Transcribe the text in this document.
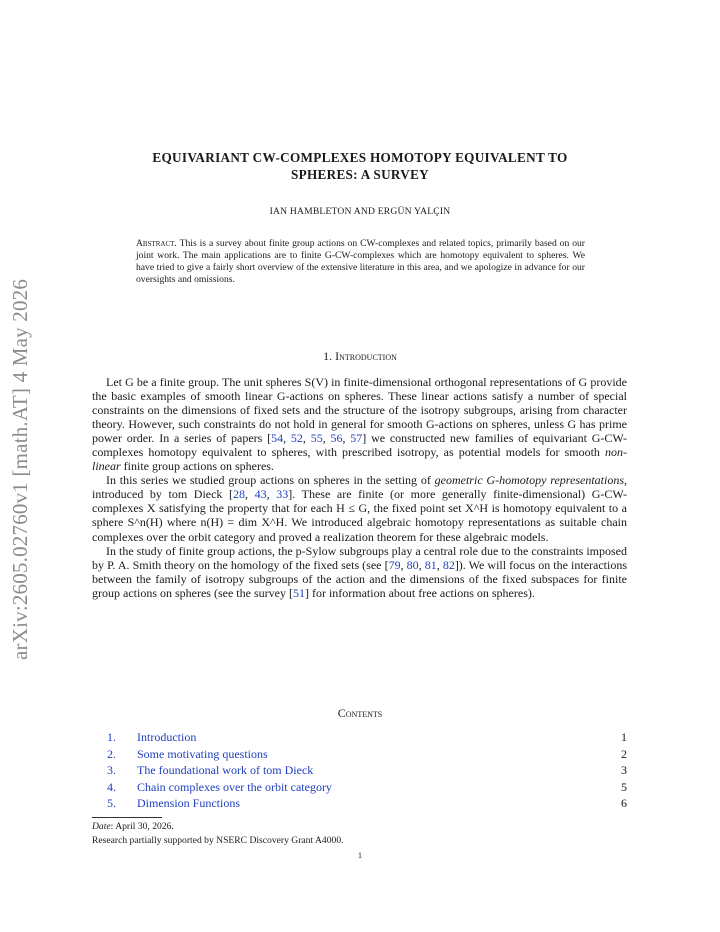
arXiv:2605.02760v1 [math.AT] 4 May 2026
EQUIVARIANT CW-COMPLEXES HOMOTOPY EQUIVALENT TO
SPHERES: A SURVEY
IAN HAMBLETON AND ERGÜN YALÇIN
Abstract. This is a survey about finite group actions on CW-complexes and related topics, primarily based on our joint work. The main applications are to finite G-CW-complexes which are homotopy equivalent to spheres. We have tried to give a fairly short overview of the extensive literature in this area, and we apologize in advance for our oversights and omissions.
1. Introduction

Let G be a finite group. The unit spheres S(V) in finite-dimensional orthogonal representations of G provide the basic examples of smooth linear G-actions on spheres. These linear actions satisfy a number of special constraints on the dimensions of fixed sets and the structure of the isotropy subgroups, arising from character theory. However, such constraints do not hold in general for smooth G-actions on spheres, unless G has prime power order. In a series of papers [54, 52, 55, 56, 57] we constructed new families of equivariant G-CW-complexes homotopy equivalent to spheres, with prescribed isotropy, as potential models for smooth non-linear finite group actions on spheres.

In this series we studied group actions on spheres in the setting of geometric G-homotopy representations, introduced by tom Dieck [28, 43, 33]. These are finite (or more generally finite-dimensional) G-CW-complexes X satisfying the property that for each H ≤ G, the fixed point set X^H is homotopy equivalent to a sphere S^n(H) where n(H) = dim X^H. We introduced algebraic homotopy representations as suitable chain complexes over the orbit category and proved a realization theorem for these algebraic models.

In the study of finite group actions, the p-Sylow subgroups play a central role due to the constraints imposed by P. A. Smith theory on the homology of the fixed sets (see [79, 80, 81, 82]). We will focus on the interactions between the family of isotropy subgroups of the action and the dimensions of the fixed subspaces for finite group actions on spheres (see the survey [51] for information about free actions on spheres).

Contents
1. Introduction	1
2. Some motivating questions	2
3. The foundational work of tom Dieck	3
4. Chain complexes over the orbit category	5
5. Dimension Functions	6
Date: April 30, 2026.
Research partially supported by NSERC Discovery Grant A4000.
1
